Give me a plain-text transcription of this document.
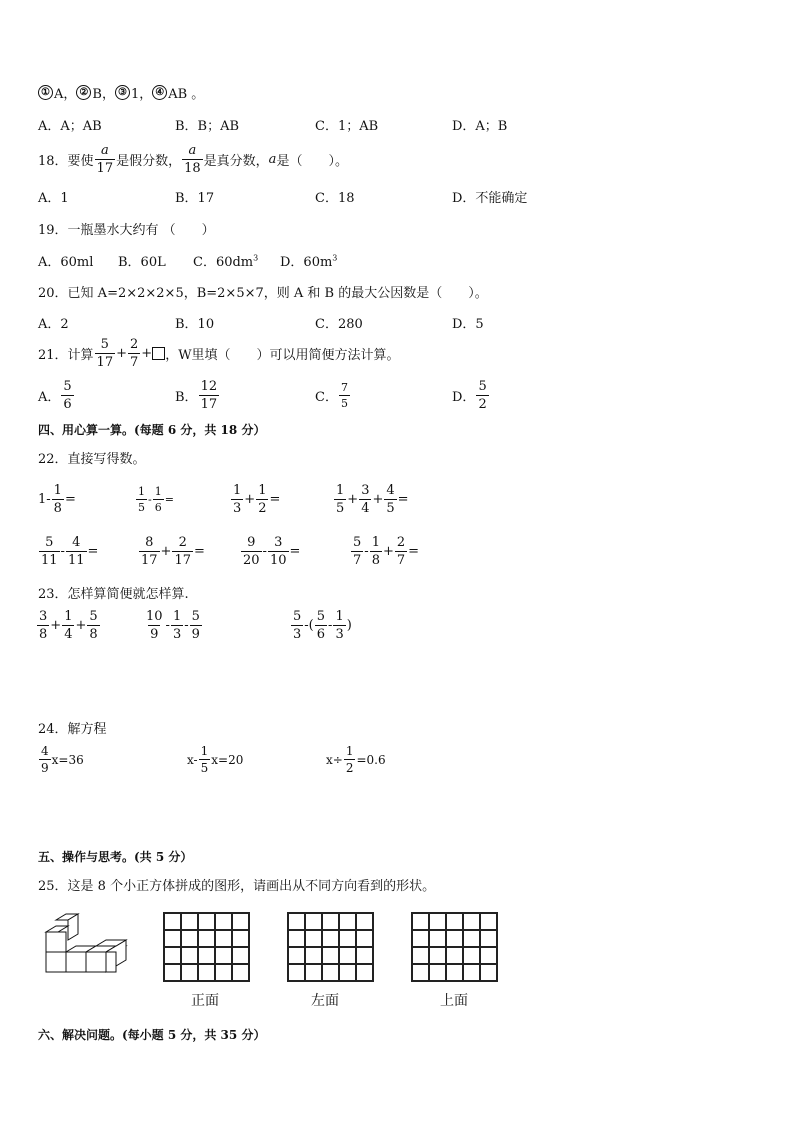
① A， ② B， ③ 1， ④ AB 。
A．A；AB	B．B；AB	C．1；AB	D．A；B
18．要使 $\frac{a}{17}$ 是假分数， $\frac{a}{18}$ 是真分数， a 是（　　）。
A．1	B．17	C．18	D．不能确定
19．一瓶墨水大约有 （　　）
A．60ml B．60L C．$60dm^3$ D．$60m^3$
20．已知 A=2×2×2×5，B=2×5×7，则 A 和 B 的最大公因数是（　　）。
A．2	B．10	C．280	D．5
21．计算 $\frac{5}{17} + \frac{2}{7}$ + ，W里填（　　）可以用简便方法计算。
A． $\frac{5}{6}$	B． $\frac{12}{17}$	C． $\frac{7}{5}$	D． $\frac{5}{2}$
四、用心算一算。(每题 6 分，共 18 分）
22．直接写得数。
$1- \frac{1}{8}$ =	$\frac{1}{5} - \frac{1}{6}$ =	$\frac{1}{3} + \frac{1}{2}$ =	$\frac{1}{5} + \frac{3}{4} + \frac{4}{5}$ =
$\frac{5}{11} - \frac{4}{11}$ =	$\frac{8}{17} + \frac{2}{17}$ =	$\frac{9}{20} - \frac{3}{10}$ =	$\frac{5}{7} - \frac{1}{8} + \frac{2}{7}$ =
23．怎样算简便就怎样算.
$\frac{3}{8} + \frac{1}{4} + \frac{5}{8}$	$\frac{10}{9} - \frac{1}{3} - \frac{5}{9}$	$\frac{5}{3}$ -( $\frac{5}{6} - \frac{1}{3}$ )
24．解方程
$\frac{4}{9} x=36$	$x- \frac{1}{5} x=20$	$x\div \frac{1}{2} =0.6$
五、操作与思考。(共 5 分）
25．这是 8 个小正方体拼成的图形，请画出从不同方向看到的形状。
正面	左面	上面
六、解决问题。(每小题 5 分，共 35 分）
